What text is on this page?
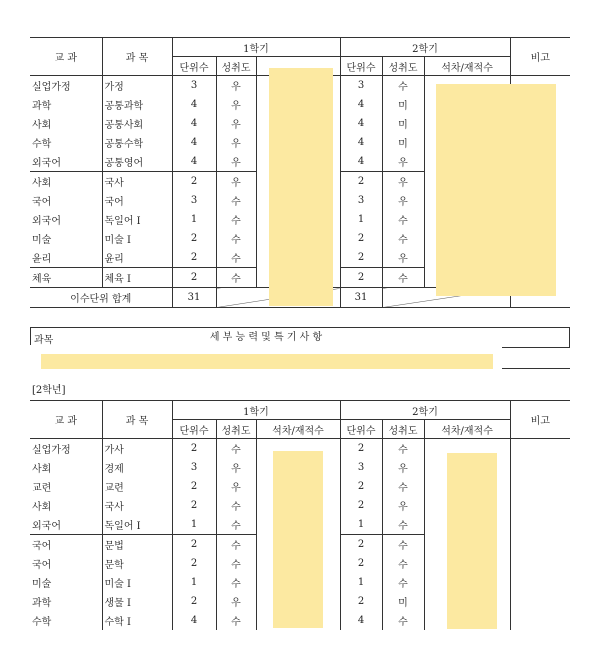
교 과	과 목	1학기			2학기			비고
		단위수	성취도		단위수	성취도	석차/재적수	
실업가정	가정	3	우		3	수		
과학	공통과학	4	우		4	미		
사회	공통사회	4	우		4	미		
수학	공통수학	4	우		4	미		
외국어	공통영어	4	우		4	우		
사회	국사	2	우		2	우		
국어	국어	3	수		3	우		
외국어	독일어 I	1	수		1	수		
미술	미술 I	2	수		2	수		
윤리	윤리	2	수		2	우		
체육	체육 I	2	수		2	수		
이수단위 합계		31			31			
과목	세 부 능 력 및 특 기 사 항
[2학년]
교 과	과 목	1학기			2학기			비고
		단위수	성취도	석차/재적수	단위수	성취도	석차/재적수	
실업가정	가사	2	수		2	수		
사회	경제	3	우		3	우		
교련	교련	2	우		2	수		
사회	국사	2	수		2	우		
외국어	독일어 I	1	수		1	수		
국어	문법	2	수		2	수		
국어	문학	2	수		2	수		
미술	미술 I	1	수		1	수		
과학	생물 I	2	우		2	미		
수학	수학 I	4	수		4	수		
